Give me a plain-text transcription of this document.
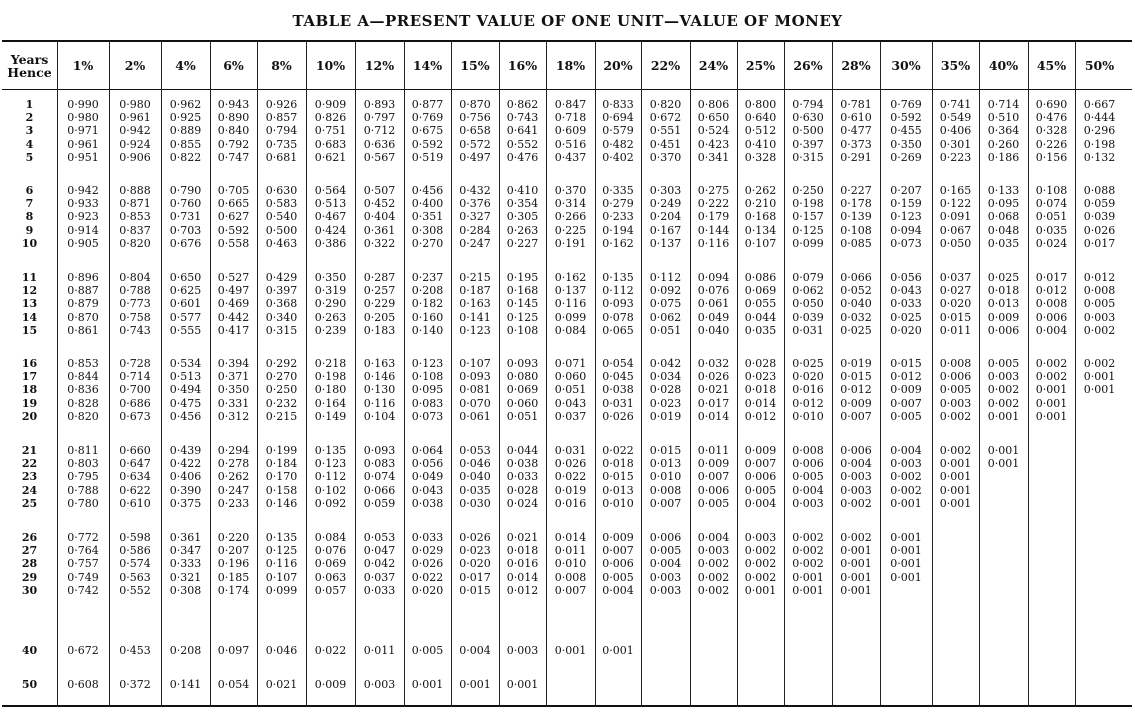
TABLE A—PRESENT VALUE OF ONE UNIT—VALUE OF MONEY
Years Hence	1%	2%	4%	6%	8%	10%	12%	14%	15%	16%	18%	20%	22%	24%	25%	26%	28%	30%	35%	40%	45%	50%
1	0·990	0·980	0·962	0·943	0·926	0·909	0·893	0·877	0·870	0·862	0·847	0·833	0·820	0·806	0·800	0·794	0·781	0·769	0·741	0·714	0·690	0·667
2	0·980	0·961	0·925	0·890	0·857	0·826	0·797	0·769	0·756	0·743	0·718	0·694	0·672	0·650	0·640	0·630	0·610	0·592	0·549	0·510	0·476	0·444
3	0·971	0·942	0·889	0·840	0·794	0·751	0·712	0·675	0·658	0·641	0·609	0·579	0·551	0·524	0·512	0·500	0·477	0·455	0·406	0·364	0·328	0·296
4	0·961	0·924	0·855	0·792	0·735	0·683	0·636	0·592	0·572	0·552	0·516	0·482	0·451	0·423	0·410	0·397	0·373	0·350	0·301	0·260	0·226	0·198
5	0·951	0·906	0·822	0·747	0·681	0·621	0·567	0·519	0·497	0·476	0·437	0·402	0·370	0·341	0·328	0·315	0·291	0·269	0·223	0·186	0·156	0·132
6	0·942	0·888	0·790	0·705	0·630	0·564	0·507	0·456	0·432	0·410	0·370	0·335	0·303	0·275	0·262	0·250	0·227	0·207	0·165	0·133	0·108	0·088
7	0·933	0·871	0·760	0·665	0·583	0·513	0·452	0·400	0·376	0·354	0·314	0·279	0·249	0·222	0·210	0·198	0·178	0·159	0·122	0·095	0·074	0·059
8	0·923	0·853	0·731	0·627	0·540	0·467	0·404	0·351	0·327	0·305	0·266	0·233	0·204	0·179	0·168	0·157	0·139	0·123	0·091	0·068	0·051	0·039
9	0·914	0·837	0·703	0·592	0·500	0·424	0·361	0·308	0·284	0·263	0·225	0·194	0·167	0·144	0·134	0·125	0·108	0·094	0·067	0·048	0·035	0·026
10	0·905	0·820	0·676	0·558	0·463	0·386	0·322	0·270	0·247	0·227	0·191	0·162	0·137	0·116	0·107	0·099	0·085	0·073	0·050	0·035	0·024	0·017
11	0·896	0·804	0·650	0·527	0·429	0·350	0·287	0·237	0·215	0·195	0·162	0·135	0·112	0·094	0·086	0·079	0·066	0·056	0·037	0·025	0·017	0·012
12	0·887	0·788	0·625	0·497	0·397	0·319	0·257	0·208	0·187	0·168	0·137	0·112	0·092	0·076	0·069	0·062	0·052	0·043	0·027	0·018	0·012	0·008
13	0·879	0·773	0·601	0·469	0·368	0·290	0·229	0·182	0·163	0·145	0·116	0·093	0·075	0·061	0·055	0·050	0·040	0·033	0·020	0·013	0·008	0·005
14	0·870	0·758	0·577	0·442	0·340	0·263	0·205	0·160	0·141	0·125	0·099	0·078	0·062	0·049	0·044	0·039	0·032	0·025	0·015	0·009	0·006	0·003
15	0·861	0·743	0·555	0·417	0·315	0·239	0·183	0·140	0·123	0·108	0·084	0·065	0·051	0·040	0·035	0·031	0·025	0·020	0·011	0·006	0·004	0·002
16	0·853	0·728	0·534	0·394	0·292	0·218	0·163	0·123	0·107	0·093	0·071	0·054	0·042	0·032	0·028	0·025	0·019	0·015	0·008	0·005	0·002	0·002
17	0·844	0·714	0·513	0·371	0·270	0·198	0·146	0·108	0·093	0·080	0·060	0·045	0·034	0·026	0·023	0·020	0·015	0·012	0·006	0·003	0·002	0·001
18	0·836	0·700	0·494	0·350	0·250	0·180	0·130	0·095	0·081	0·069	0·051	0·038	0·028	0·021	0·018	0·016	0·012	0·009	0·005	0·002	0·001	0·001
19	0·828	0·686	0·475	0·331	0·232	0·164	0·116	0·083	0·070	0·060	0·043	0·031	0·023	0·017	0·014	0·012	0·009	0·007	0·003	0·002	0·001
20	0·820	0·673	0·456	0·312	0·215	0·149	0·104	0·073	0·061	0·051	0·037	0·026	0·019	0·014	0·012	0·010	0·007	0·005	0·002	0·001	0·001
21	0·811	0·660	0·439	0·294	0·199	0·135	0·093	0·064	0·053	0·044	0·031	0·022	0·015	0·011	0·009	0·008	0·006	0·004	0·002	0·001
22	0·803	0·647	0·422	0·278	0·184	0·123	0·083	0·056	0·046	0·038	0·026	0·018	0·013	0·009	0·007	0·006	0·004	0·003	0·001	0·001
23	0·795	0·634	0·406	0·262	0·170	0·112	0·074	0·049	0·040	0·033	0·022	0·015	0·010	0·007	0·006	0·005	0·003	0·002	0·001
24	0·788	0·622	0·390	0·247	0·158	0·102	0·066	0·043	0·035	0·028	0·019	0·013	0·008	0·006	0·005	0·004	0·003	0·002	0·001
25	0·780	0·610	0·375	0·233	0·146	0·092	0·059	0·038	0·030	0·024	0·016	0·010	0·007	0·005	0·004	0·003	0·002	0·001	0·001
26	0·772	0·598	0·361	0·220	0·135	0·084	0·053	0·033	0·026	0·021	0·014	0·009	0·006	0·004	0·003	0·002	0·002	0·001
27	0·764	0·586	0·347	0·207	0·125	0·076	0·047	0·029	0·023	0·018	0·011	0·007	0·005	0·003	0·002	0·002	0·001	0·001
28	0·757	0·574	0·333	0·196	0·116	0·069	0·042	0·026	0·020	0·016	0·010	0·006	0·004	0·002	0·002	0·002	0·001	0·001
29	0·749	0·563	0·321	0·185	0·107	0·063	0·037	0·022	0·017	0·014	0·008	0·005	0·003	0·002	0·002	0·001	0·001	0·001
30	0·742	0·552	0·308	0·174	0·099	0·057	0·033	0·020	0·015	0·012	0·007	0·004	0·003	0·002	0·001	0·001	0·001
40	0·672	0·453	0·208	0·097	0·046	0·022	0·011	0·005	0·004	0·003	0·001	0·001
50	0·608	0·372	0·141	0·054	0·021	0·009	0·003	0·001	0·001	0·001
